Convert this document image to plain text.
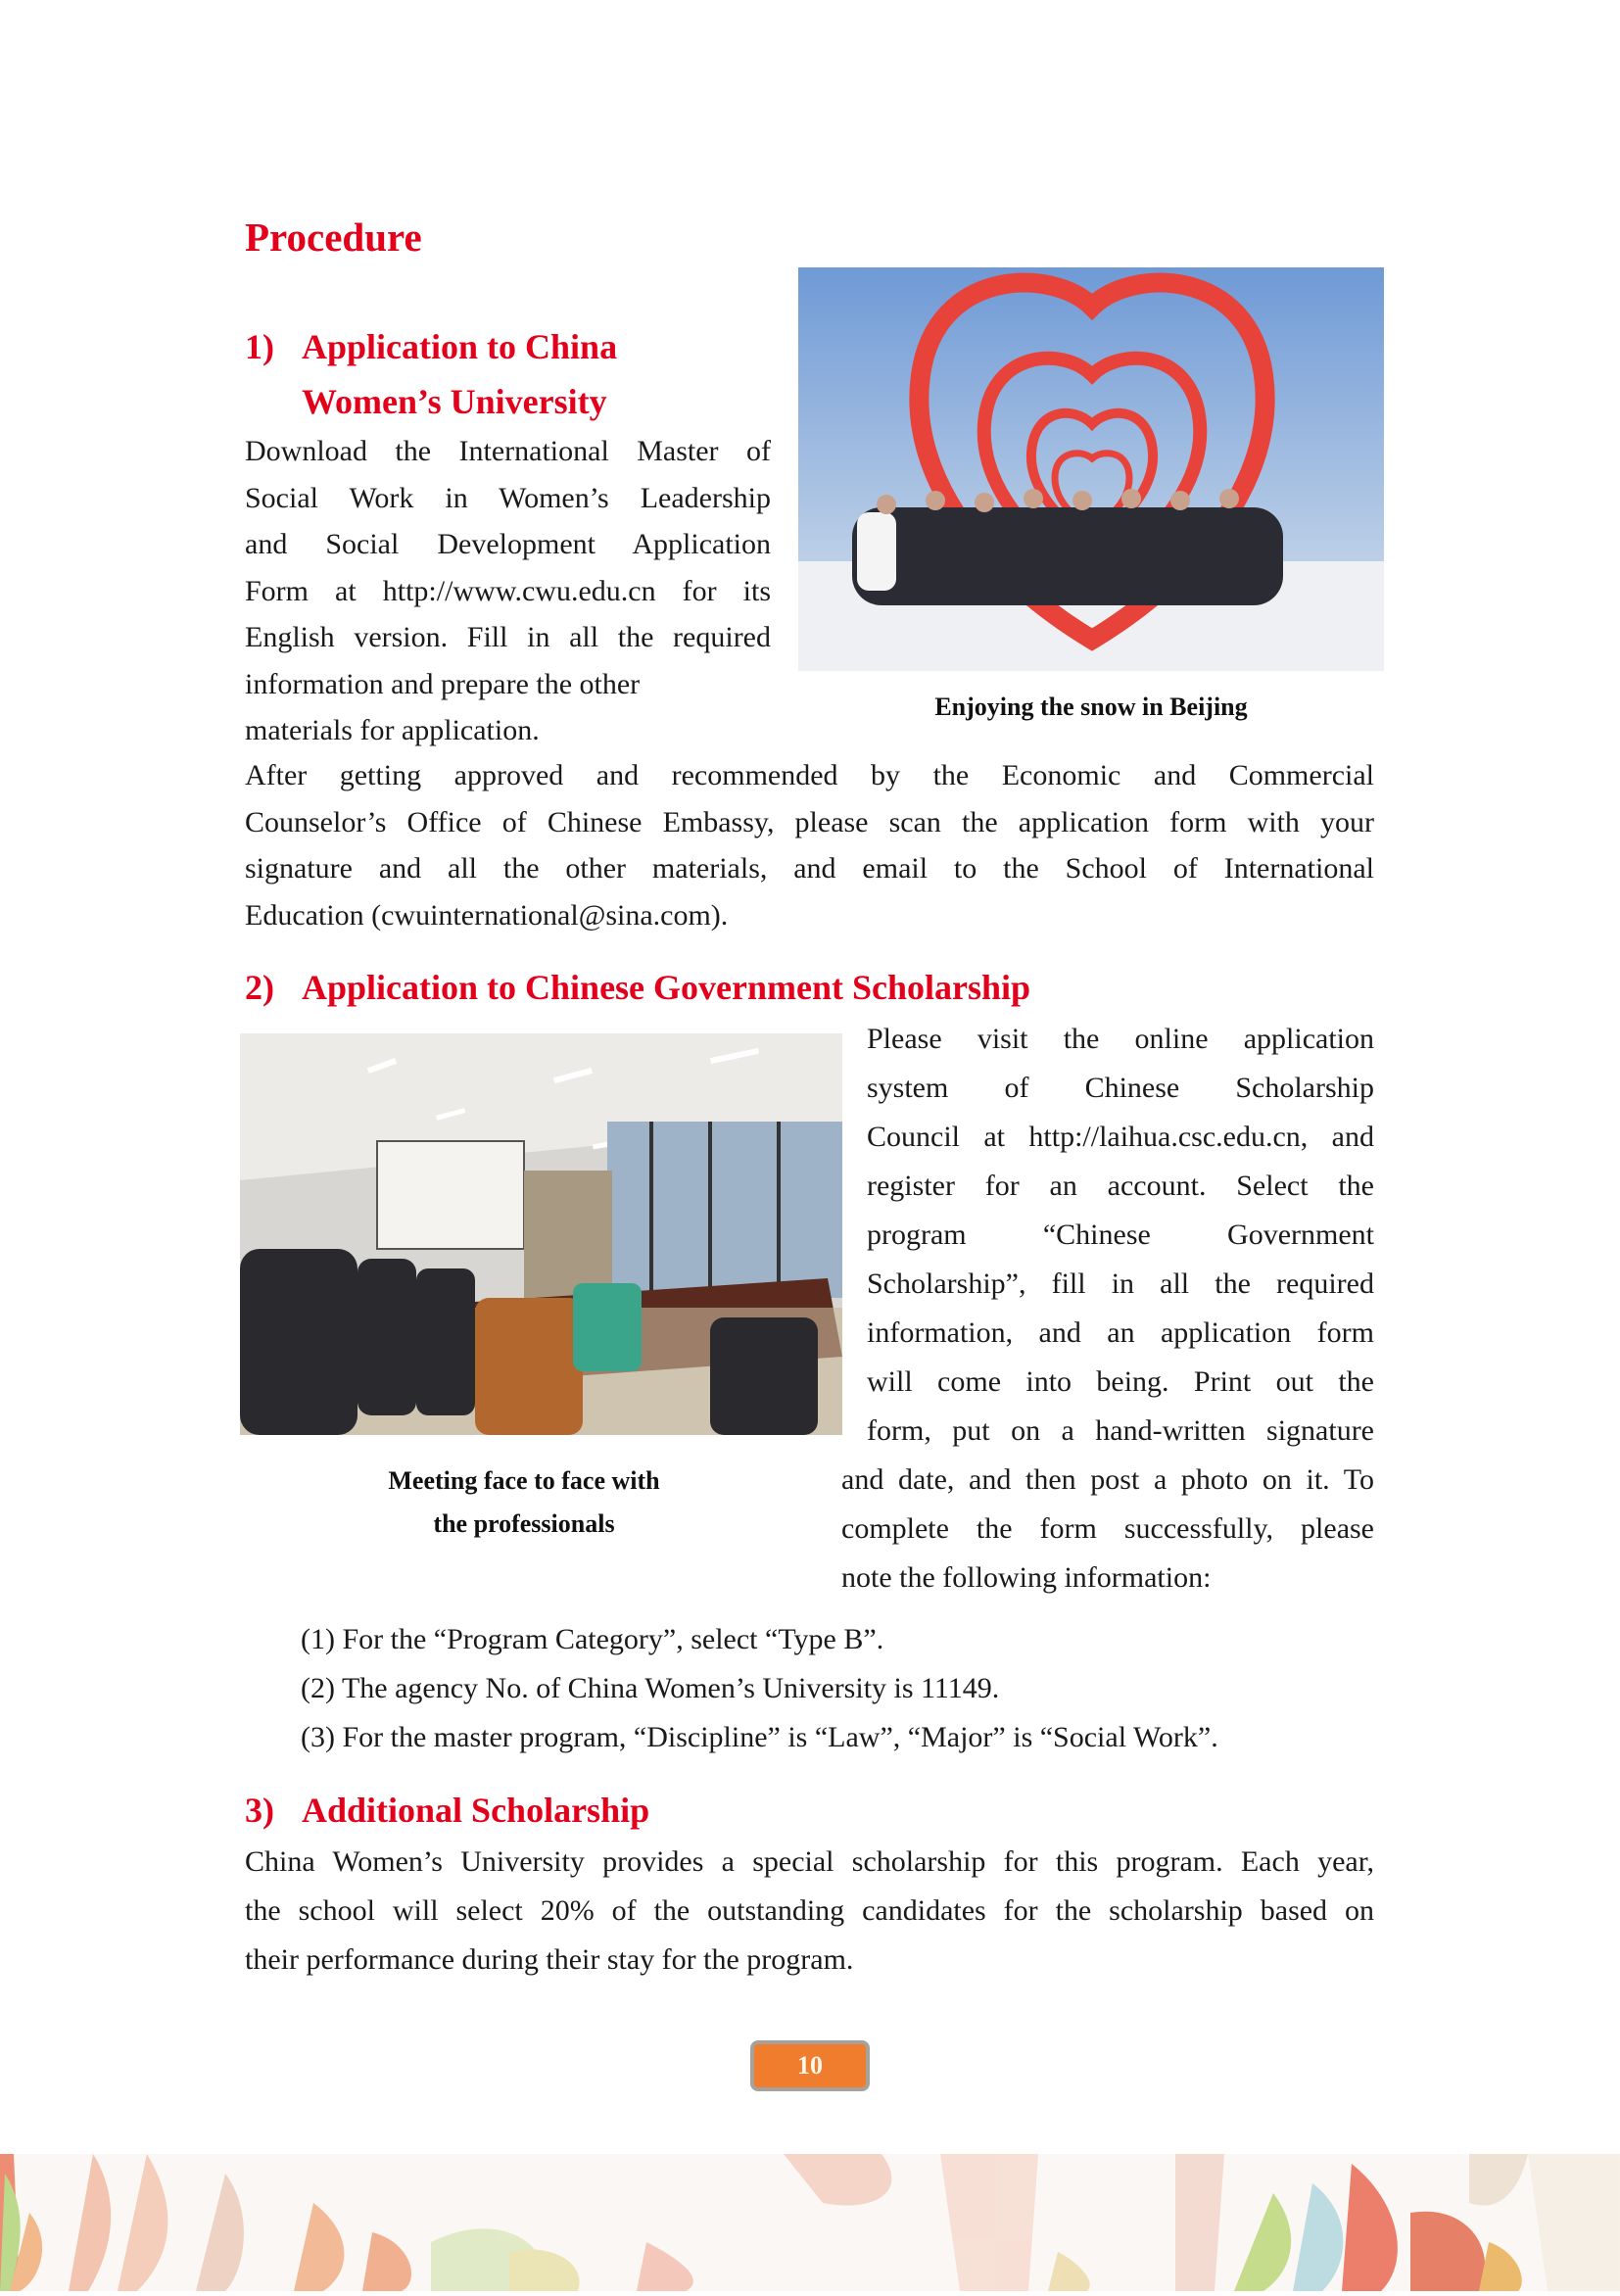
Procedure
1) Application to China
Women’s University
Download the International Master of
Social Work in Women’s Leadership
and Social Development Application
Form at http://www.cwu.edu.cn for its
English version. Fill in all the required
information and prepare the other
materials for application.

Enjoying the snow in Beijing

After getting approved and recommended by the Economic and Commercial
Counselor’s Office of Chinese Embassy, please scan the application form with your
signature and all the other materials, and email to the School of International
Education (cwuinternational@sina.com).
2) Application to Chinese Government Scholarship

Meeting face to face with

the professionals

Please visit the online application
system of Chinese Scholarship
Council at http://laihua.csc.edu.cn, and
register for an account. Select the
program “Chinese Government
Scholarship”, fill in all the required
information, and an application form
will come into being. Print out the
form, put on a hand-written signature
and date, and then post a photo on it. To
complete the form successfully, please
note the following information:
(1) For the “Program Category”, select “Type B”.
(2) The agency No. of China Women’s University is 11149.
(3) For the master program, “Discipline” is “Law”, “Major” is “Social Work”.
3) Additional Scholarship
China Women’s University provides a special scholarship for this program. Each year,
the school will select 20% of the outstanding candidates for the scholarship based on
their performance during their stay for the program.
10
